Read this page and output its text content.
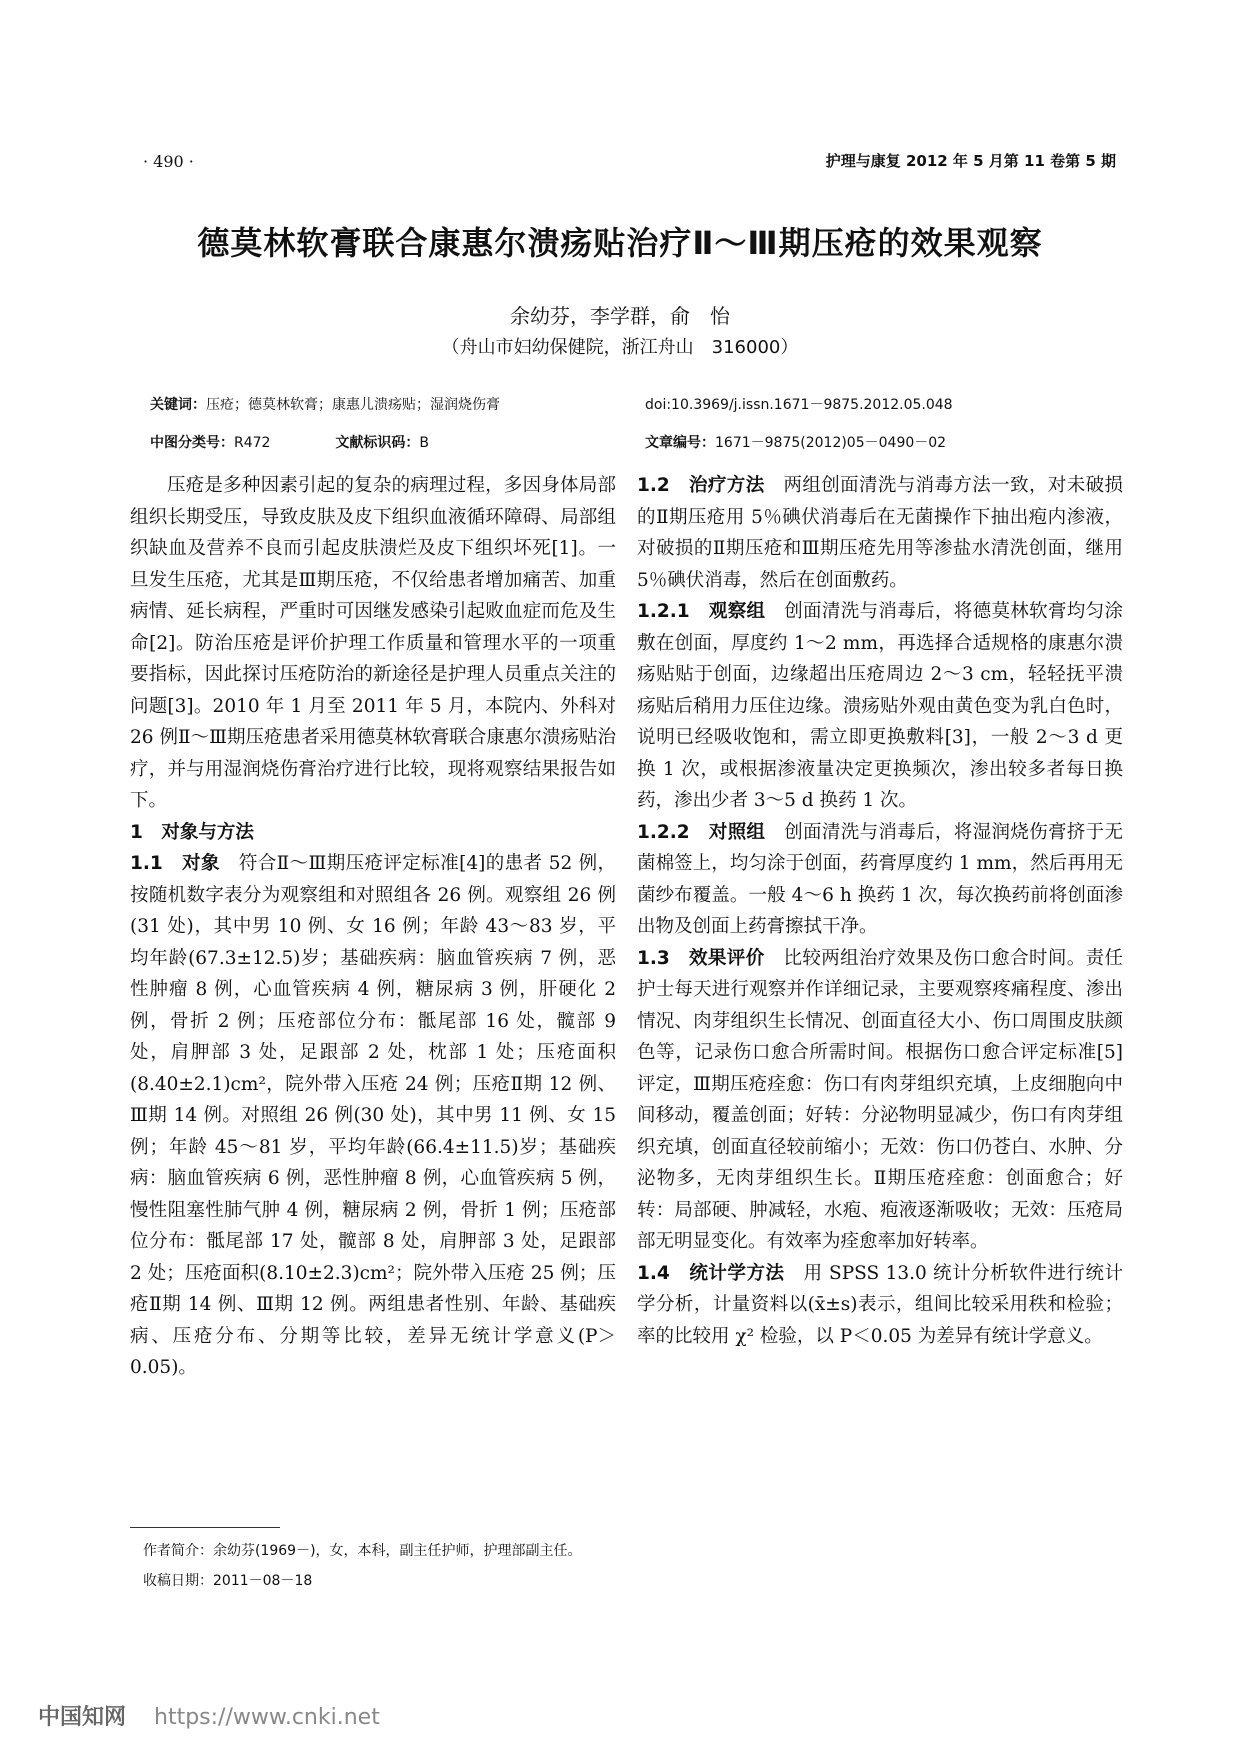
· 490 ·	护理与康复 2012 年 5 月第 11 卷第 5 期
德莫林软膏联合康惠尔溃疡贴治疗Ⅱ～Ⅲ期压疮的效果观察
余幼芬，李学群，俞　怡
（舟山市妇幼保健院，浙江舟山　316000）
关键词：压疮；德莫林软膏；康惠儿溃疡贴；湿润烧伤膏
中图分类号：R472	文献标识码：B
doi:10.3969/j.issn.1671－9875.2012.05.048
文章编号：1671－9875(2012)05－0490－02

压疮是多种因素引起的复杂的病理过程，多因身体局部组织长期受压，导致皮肤及皮下组织血液循环障碍、局部组织缺血及营养不良而引起皮肤溃烂及皮下组织坏死[1]。一旦发生压疮，尤其是Ⅲ期压疮，不仅给患者增加痛苦、加重病情、延长病程，严重时可因继发感染引起败血症而危及生命[2]。防治压疮是评价护理工作质量和管理水平的一项重要指标，因此探讨压疮防治的新途径是护理人员重点关注的问题[3]。2010 年 1 月至 2011 年 5 月，本院内、外科对 26 例Ⅱ～Ⅲ期压疮患者采用德莫林软膏联合康惠尔溃疡贴治疗，并与用湿润烧伤膏治疗进行比较，现将观察结果报告如下。

1　对象与方法

1.1　对象　符合Ⅱ～Ⅲ期压疮评定标准[4]的患者 52 例，按随机数字表分为观察组和对照组各 26 例。观察组 26 例(31 处)，其中男 10 例、女 16 例；年龄 43～83 岁，平均年龄(67.3±12.5)岁；基础疾病：脑血管疾病 7 例，恶性肿瘤 8 例，心血管疾病 4 例，糖尿病 3 例，肝硬化 2 例，骨折 2 例；压疮部位分布：骶尾部 16 处，髋部 9 处，肩胛部 3 处，足跟部 2 处，枕部 1 处；压疮面积(8.40±2.1)cm²，院外带入压疮 24 例；压疮Ⅱ期 12 例、Ⅲ期 14 例。对照组 26 例(30 处)，其中男 11 例、女 15 例；年龄 45～81 岁，平均年龄(66.4±11.5)岁；基础疾病：脑血管疾病 6 例，恶性肿瘤 8 例，心血管疾病 5 例，慢性阻塞性肺气肿 4 例，糖尿病 2 例，骨折 1 例；压疮部位分布：骶尾部 17 处，髋部 8 处，肩胛部 3 处，足跟部 2 处；压疮面积(8.10±2.3)cm²；院外带入压疮 25 例；压疮Ⅱ期 14 例、Ⅲ期 12 例。两组患者性别、年龄、基础疾病、压疮分布、分期等比较，差异无统计学意义(P＞0.05)。

1.2　治疗方法　两组创面清洗与消毒方法一致，对未破损的Ⅱ期压疮用 5％碘伏消毒后在无菌操作下抽出疱内渗液，对破损的Ⅱ期压疮和Ⅲ期压疮先用等渗盐水清洗创面，继用 5％碘伏消毒，然后在创面敷药。

1.2.1　观察组　创面清洗与消毒后，将德莫林软膏均匀涂敷在创面，厚度约 1～2 mm，再选择合适规格的康惠尔溃疡贴贴于创面，边缘超出压疮周边 2～3 cm，轻轻抚平溃疡贴后稍用力压住边缘。溃疡贴外观由黄色变为乳白色时，说明已经吸收饱和，需立即更换敷料[3]，一般 2～3 d 更换 1 次，或根据渗液量决定更换频次，渗出较多者每日换药，渗出少者 3～5 d 换药 1 次。

1.2.2　对照组　创面清洗与消毒后，将湿润烧伤膏挤于无菌棉签上，均匀涂于创面，药膏厚度约 1 mm，然后再用无菌纱布覆盖。一般 4～6 h 换药 1 次，每次换药前将创面渗出物及创面上药膏擦拭干净。

1.3　效果评价　比较两组治疗效果及伤口愈合时间。责任护士每天进行观察并作详细记录，主要观察疼痛程度、渗出情况、肉芽组织生长情况、创面直径大小、伤口周围皮肤颜色等，记录伤口愈合所需时间。根据伤口愈合评定标准[5]评定，Ⅲ期压疮痊愈：伤口有肉芽组织充填，上皮细胞向中间移动，覆盖创面；好转：分泌物明显减少，伤口有肉芽组织充填，创面直径较前缩小；无效：伤口仍苍白、水肿、分泌物多，无肉芽组织生长。Ⅱ期压疮痊愈：创面愈合；好转：局部硬、肿减轻，水疱、疱液逐渐吸收；无效：压疮局部无明显变化。有效率为痊愈率加好转率。

1.4　统计学方法　用 SPSS 13.0 统计分析软件进行统计学分析，计量资料以(x̄±s)表示，组间比较采用秩和检验；率的比较用 χ² 检验，以 P＜0.05 为差异有统计学意义。

作者简介：余幼芬(1969－)，女，本科，副主任护师，护理部副主任。
收稿日期：2011－08－18
中国知网 https://www.cnki.net
